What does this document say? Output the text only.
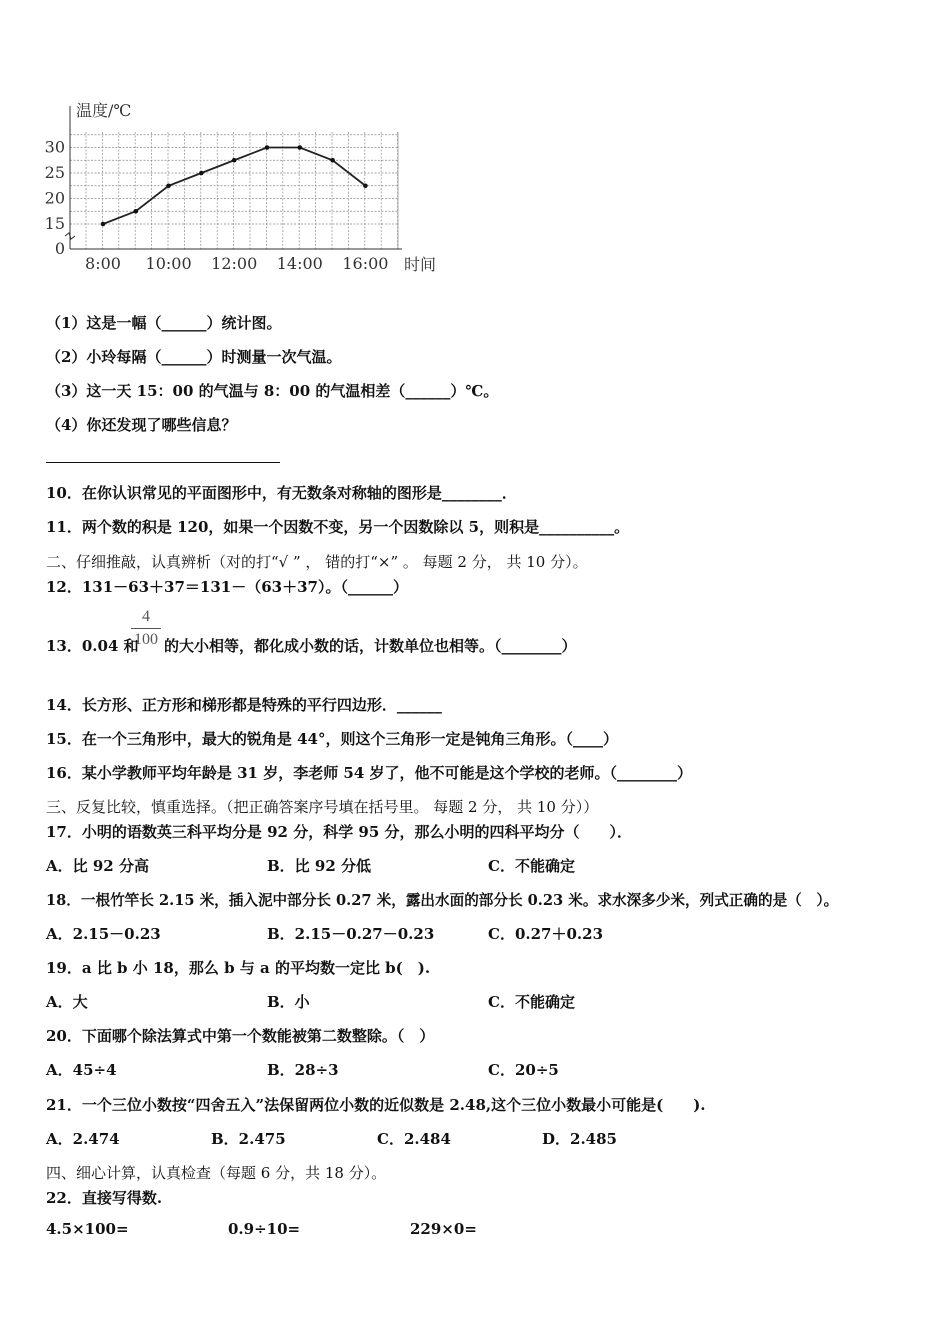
0
15
20
25
30
8:00 10:00 12:00 14:00 16:00
温度/℃
时间
（1）这是一幅（______）统计图。
（2）小玲每隔（______）时测量一次气温。
（3）这一天 15：00 的气温与 8：00 的气温相差（______）℃。
（4）你还发现了哪些信息？
10．在你认识常见的平面图形中，有无数条对称轴的图形是________．
11．两个数的积是 120，如果一个因数不变，另一个因数除以 5，则积是__________。
二、仔细推敲，认真辨析（对的打“√ ” ， 错的打“×” 。 每题 2 分， 共 10 分）。
12．131－63＋37＝131－（63＋37）。（______）
13．0.04 和
4
100 的大小相等，都化成小数的话，计数单位也相等。（________）
14．长方形、正方形和梯形都是特殊的平行四边形．______
15．在一个三角形中，最大的锐角是 44°，则这个三角形一定是钝角三角形。（____）
16．某小学教师平均年龄是 31 岁，李老师 54 岁了，他不可能是这个学校的老师。（________）
三、反复比较，慎重选择。（把正确答案序号填在括号里。 每题 2 分， 共 10 分））
17．小明的语数英三科平均分是 92 分，科学 95 分，那么小明的四科平均分（　　）．
A．比 92 分高	B．比 92 分低	C．不能确定
18．一根竹竿长 2.15 米，插入泥中部分长 0.27 米，露出水面的部分长 0.23 米。求水深多少米，列式正确的是（　）。
A．2.15－0.23	B．2.15－0.27－0.23	C．0.27＋0.23
19．a 比 b 小 18，那么 b 与 a 的平均数一定比 b(　).
A．大	B．小	C．不能确定
20．下面哪个除法算式中第一个数能被第二数整除。（　）
A．45÷4	B．28÷3	C．20÷5
21．一个三位小数按“四舍五入”法保留两位小数的近似数是 2.48,这个三位小数最小可能是(　　).
A．2.474	B．2.475	C．2.484	D．2.485
四、细心计算，认真检查（每题 6 分，共 18 分）。
22．直接写得数.
4.5×100=	0.9÷10=	229×0=
